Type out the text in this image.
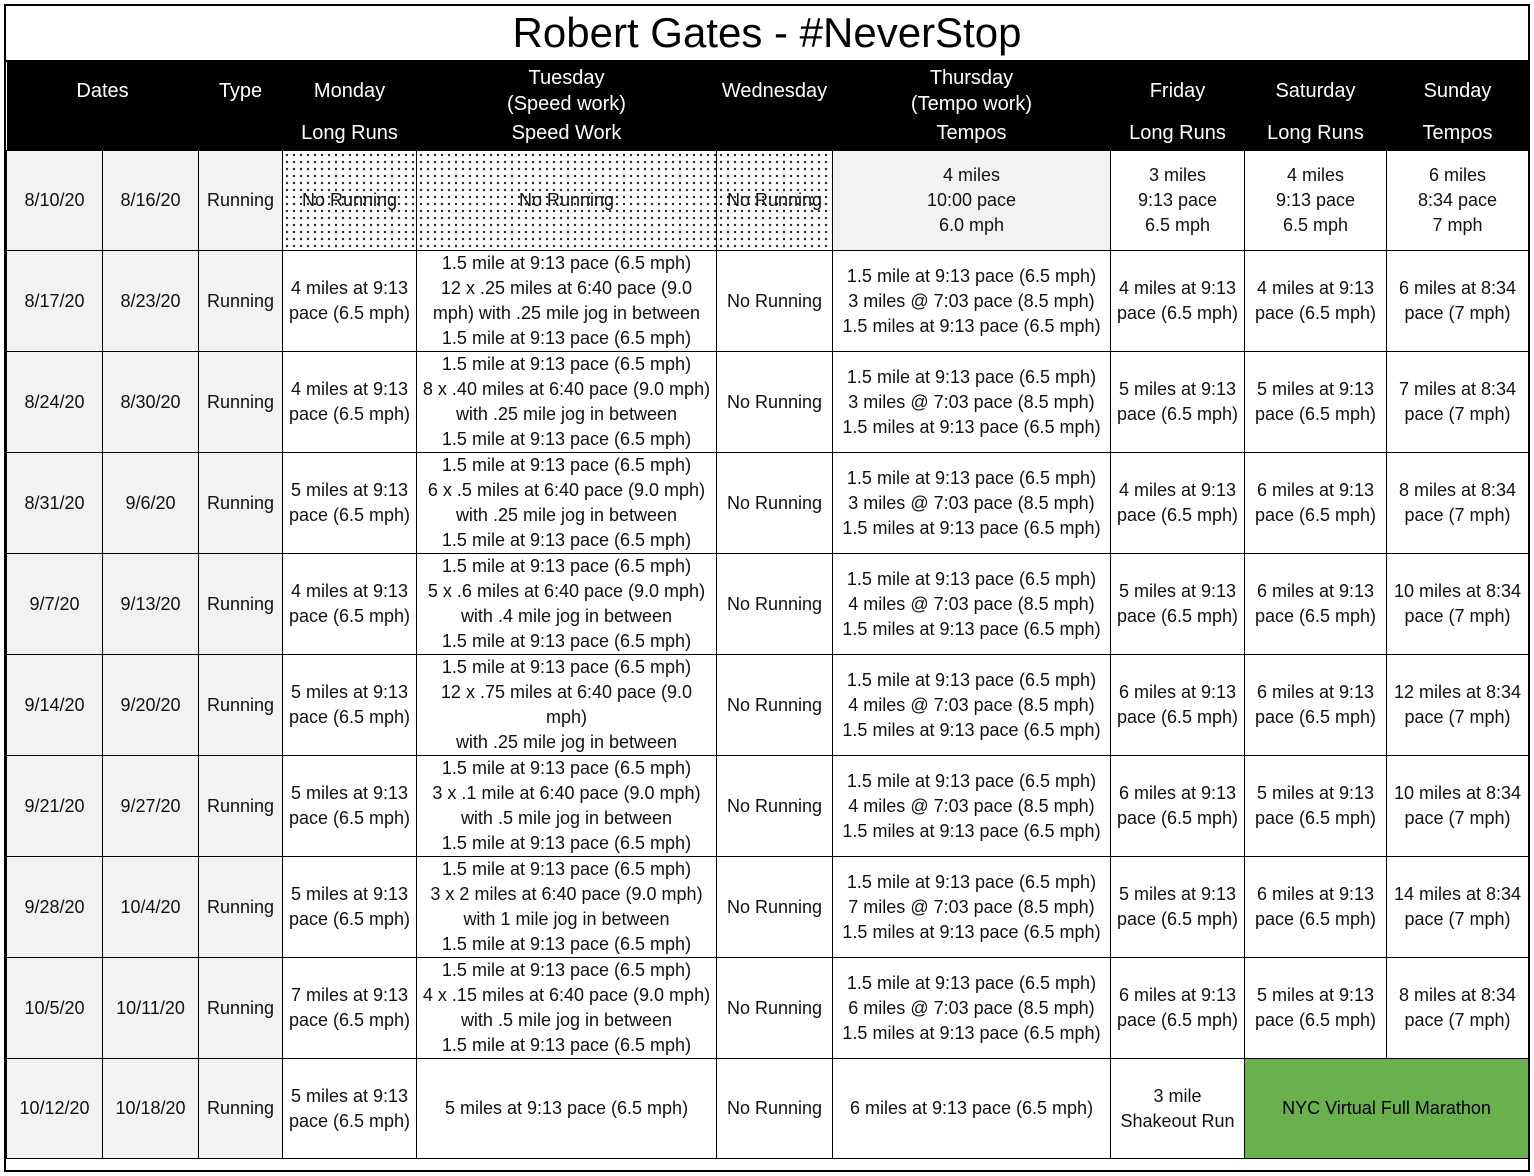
Robert Gates - #NeverStop
Dates		Type	Monday	Tuesday
(Speed work)	Wednesday	Thursday
(Tempo work)	Friday	Saturday	Sunday
			Long Runs	Speed Work		Tempos	Long Runs	Long Runs	Tempos
8/10/20	8/16/20	Running	No Running	No Running	No Running	4 miles
10:00 pace
6.0 mph	3 miles
9:13 pace
6.5 mph	4 miles
9:13 pace
6.5 mph	6 miles
8:34 pace
7 mph
8/17/20	8/23/20	Running	4 miles at 9:13
pace (6.5 mph)	1.5 mile at 9:13 pace (6.5 mph)
12 x .25 miles at 6:40 pace (9.0
mph) with .25 mile jog in between
1.5 mile at 9:13 pace (6.5 mph)	No Running	1.5 mile at 9:13 pace (6.5 mph)
3 miles @ 7:03 pace (8.5 mph)
1.5 miles at 9:13 pace (6.5 mph)	4 miles at 9:13
pace (6.5 mph)	4 miles at 9:13
pace (6.5 mph)	6 miles at 8:34
pace (7 mph)
8/24/20	8/30/20	Running	4 miles at 9:13
pace (6.5 mph)	1.5 mile at 9:13 pace (6.5 mph)
8 x .40 miles at 6:40 pace (9.0 mph)
with .25 mile jog in between
1.5 mile at 9:13 pace (6.5 mph)	No Running	1.5 mile at 9:13 pace (6.5 mph)
3 miles @ 7:03 pace (8.5 mph)
1.5 miles at 9:13 pace (6.5 mph)	5 miles at 9:13
pace (6.5 mph)	5 miles at 9:13
pace (6.5 mph)	7 miles at 8:34
pace (7 mph)
8/31/20	9/6/20	Running	5 miles at 9:13
pace (6.5 mph)	1.5 mile at 9:13 pace (6.5 mph)
6 x .5 miles at 6:40 pace (9.0 mph)
with .25 mile jog in between
1.5 mile at 9:13 pace (6.5 mph)	No Running	1.5 mile at 9:13 pace (6.5 mph)
3 miles @ 7:03 pace (8.5 mph)
1.5 miles at 9:13 pace (6.5 mph)	4 miles at 9:13
pace (6.5 mph)	6 miles at 9:13
pace (6.5 mph)	8 miles at 8:34
pace (7 mph)
9/7/20	9/13/20	Running	4 miles at 9:13
pace (6.5 mph)	1.5 mile at 9:13 pace (6.5 mph)
5 x .6 miles at 6:40 pace (9.0 mph)
with .4 mile jog in between
1.5 mile at 9:13 pace (6.5 mph)	No Running	1.5 mile at 9:13 pace (6.5 mph)
4 miles @ 7:03 pace (8.5 mph)
1.5 miles at 9:13 pace (6.5 mph)	5 miles at 9:13
pace (6.5 mph)	6 miles at 9:13
pace (6.5 mph)	10 miles at 8:34
pace (7 mph)
9/14/20	9/20/20	Running	5 miles at 9:13
pace (6.5 mph)	1.5 mile at 9:13 pace (6.5 mph)
12 x .75 miles at 6:40 pace (9.0
mph)
with .25 mile jog in between	No Running	1.5 mile at 9:13 pace (6.5 mph)
4 miles @ 7:03 pace (8.5 mph)
1.5 miles at 9:13 pace (6.5 mph)	6 miles at 9:13
pace (6.5 mph)	6 miles at 9:13
pace (6.5 mph)	12 miles at 8:34
pace (7 mph)
9/21/20	9/27/20	Running	5 miles at 9:13
pace (6.5 mph)	1.5 mile at 9:13 pace (6.5 mph)
3 x .1 mile at 6:40 pace (9.0 mph)
with .5 mile jog in between
1.5 mile at 9:13 pace (6.5 mph)	No Running	1.5 mile at 9:13 pace (6.5 mph)
4 miles @ 7:03 pace (8.5 mph)
1.5 miles at 9:13 pace (6.5 mph)	6 miles at 9:13
pace (6.5 mph)	5 miles at 9:13
pace (6.5 mph)	10 miles at 8:34
pace (7 mph)
9/28/20	10/4/20	Running	5 miles at 9:13
pace (6.5 mph)	1.5 mile at 9:13 pace (6.5 mph)
3 x 2 miles at 6:40 pace (9.0 mph)
with 1 mile jog in between
1.5 mile at 9:13 pace (6.5 mph)	No Running	1.5 mile at 9:13 pace (6.5 mph)
7 miles @ 7:03 pace (8.5 mph)
1.5 miles at 9:13 pace (6.5 mph)	5 miles at 9:13
pace (6.5 mph)	6 miles at 9:13
pace (6.5 mph)	14 miles at 8:34
pace (7 mph)
10/5/20	10/11/20	Running	7 miles at 9:13
pace (6.5 mph)	1.5 mile at 9:13 pace (6.5 mph)
4 x .15 miles at 6:40 pace (9.0 mph)
with .5 mile jog in between
1.5 mile at 9:13 pace (6.5 mph)	No Running	1.5 mile at 9:13 pace (6.5 mph)
6 miles @ 7:03 pace (8.5 mph)
1.5 miles at 9:13 pace (6.5 mph)	6 miles at 9:13
pace (6.5 mph)	5 miles at 9:13
pace (6.5 mph)	8 miles at 8:34
pace (7 mph)
10/12/20	10/18/20	Running	5 miles at 9:13
pace (6.5 mph)	5 miles at 9:13 pace (6.5 mph)	No Running	6 miles at 9:13 pace (6.5 mph)	3 mile
Shakeout Run	NYC Virtual Full Marathon	
